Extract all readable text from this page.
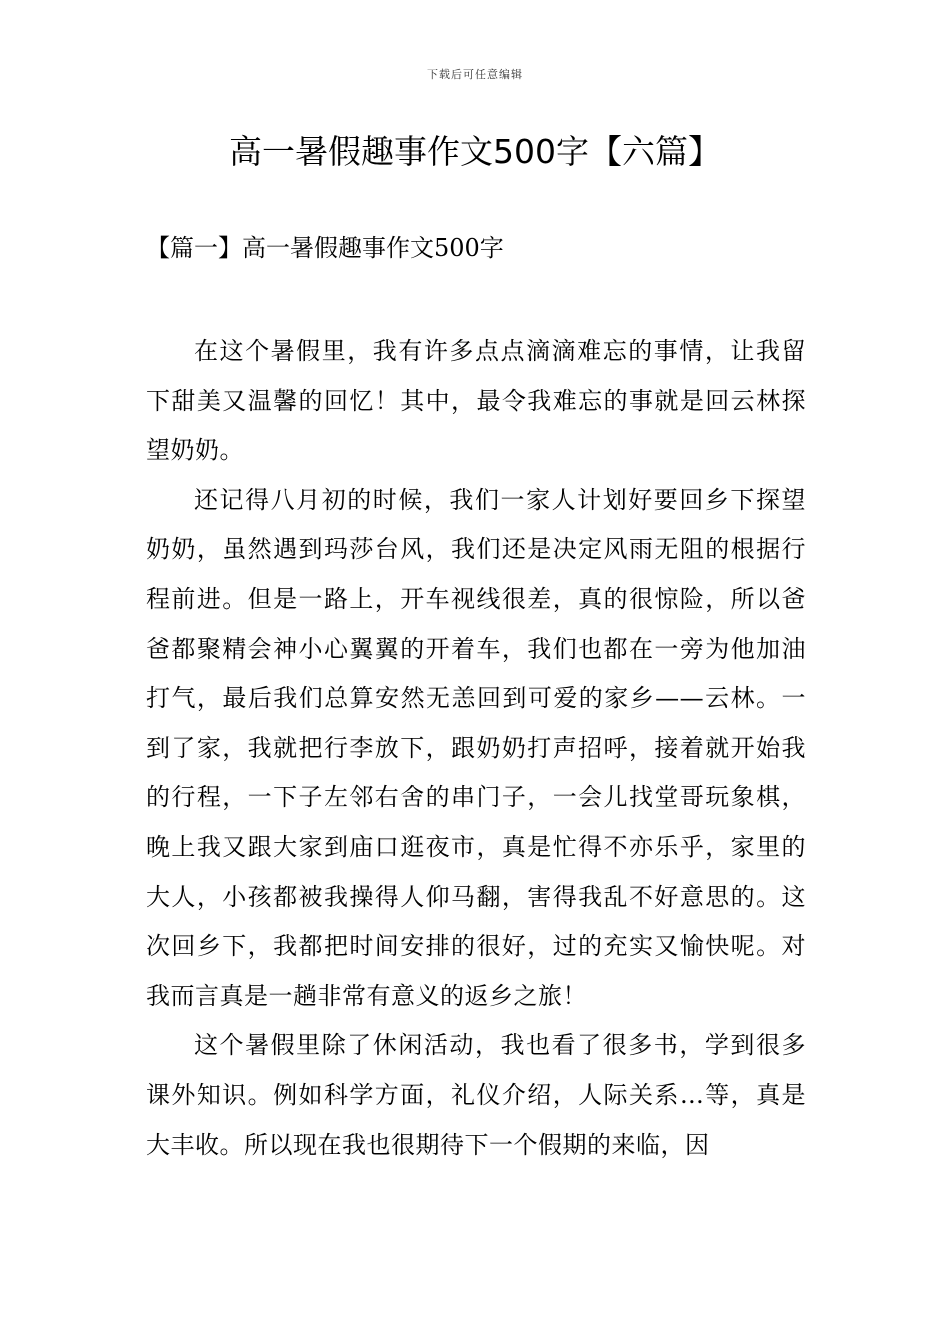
下载后可任意编辑
高一暑假趣事作文500字【六篇】
【篇一】高一暑假趣事作文500字

在这个暑假里，我有许多点点滴滴难忘的事情，让我留下甜美又温馨的回忆！其中，最令我难忘的事就是回云林探望奶奶。

还记得八月初的时候，我们一家人计划好要回乡下探望奶奶，虽然遇到玛莎台风，我们还是决定风雨无阻的根据行程前进。但是一路上，开车视线很差，真的很惊险，所以爸爸都聚精会神小心翼翼的开着车，我们也都在一旁为他加油打气，最后我们总算安然无恙回到可爱的家乡——云林。一到了家，我就把行李放下，跟奶奶打声招呼，接着就开始我的行程，一下子左邻右舍的串门子，一会儿找堂哥玩象棋，晚上我又跟大家到庙口逛夜市，真是忙得不亦乐乎，家里的大人，小孩都被我操得人仰马翻，害得我乱不好意思的。这次回乡下，我都把时间安排的很好，过的充实又愉快呢。对我而言真是一趟非常有意义的返乡之旅！

这个暑假里除了休闲活动，我也看了很多书，学到很多课外知识。例如科学方面，礼仪介绍，人际关系…等，真是大丰收。所以现在我也很期待下一个假期的来临，因
